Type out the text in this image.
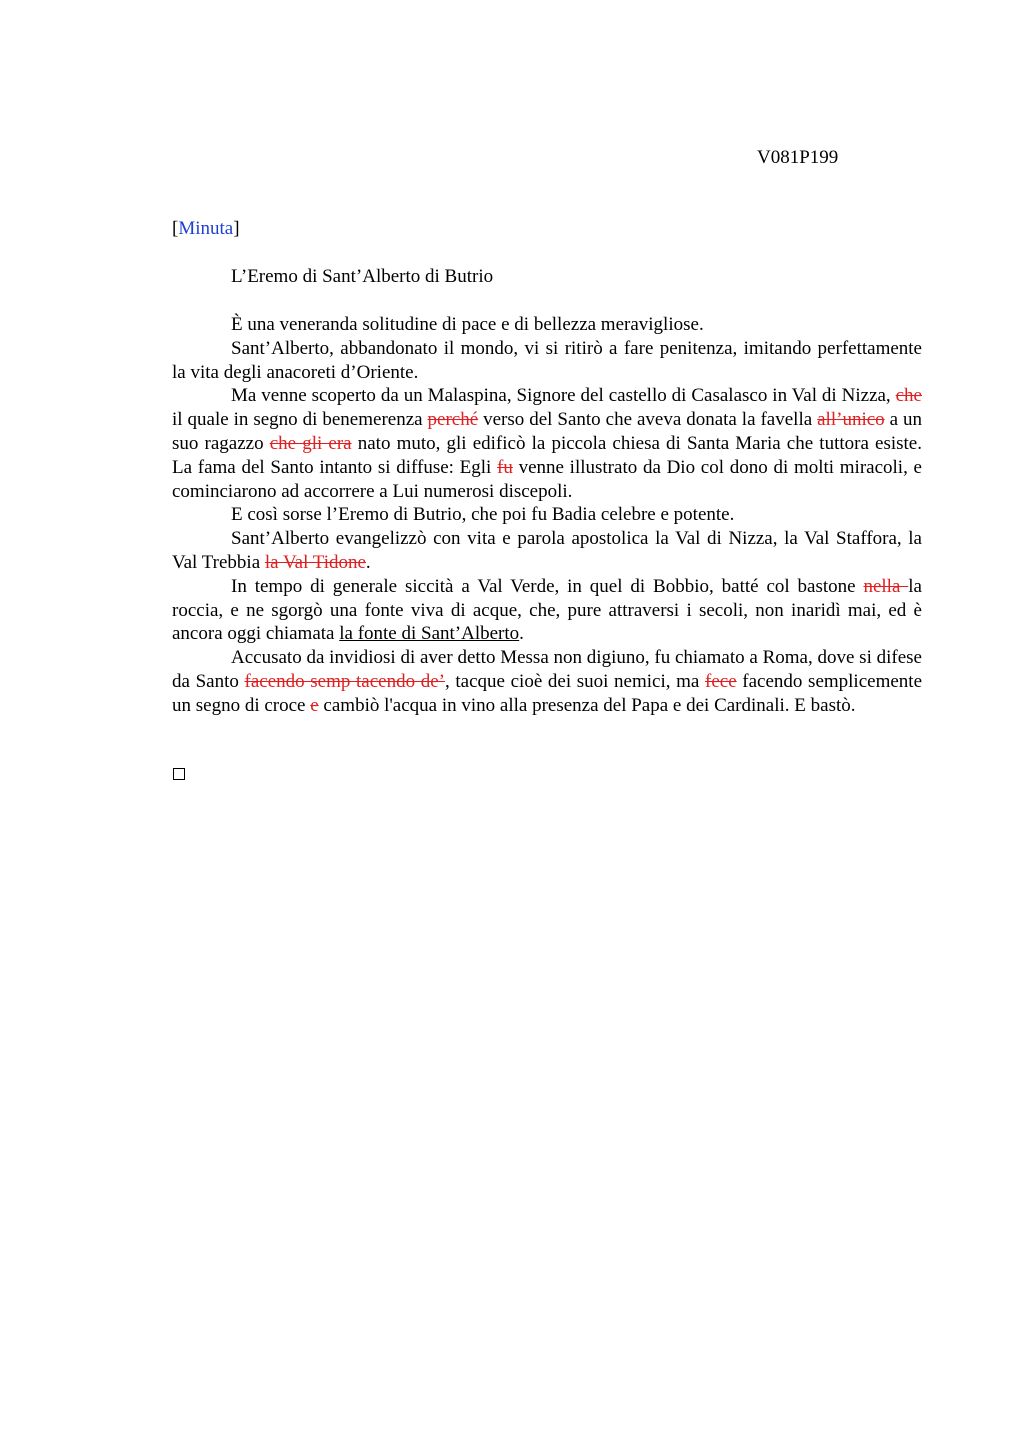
V081P199
[Minuta]
L’Eremo di Sant’Alberto di Butrio

È una veneranda solitudine di pace e di bellezza meravigliose.

Sant’Alberto, abbandonato il mondo, vi si ritirò a fare penitenza, imitando perfettamente la vita degli anacoreti d’Oriente.

Ma venne scoperto da un Malaspina, Signore del castello di Casalasco in Val di Nizza, che il quale in segno di benemerenza perché verso del Santo che aveva donata la favella all’unico a un suo ragazzo che gli era nato muto, gli edificò la piccola chiesa di Santa Maria che tuttora esiste. La fama del Santo intanto si diffuse: Egli fu venne illustrato da Dio col dono di molti miracoli, e cominciarono ad accorrere a Lui numerosi discepoli.

E così sorse l’Eremo di Butrio, che poi fu Badia celebre e potente.

Sant’Alberto evangelizzò con vita e parola apostolica la Val di Nizza, la Val Staffora, la Val Trebbia la Val Tidone.

In tempo di generale siccità a Val Verde, in quel di Bobbio, batté col bastone nella la roccia, e ne sgorgò una fonte viva di acque, che, pure attraversi i secoli, non inaridì mai, ed è ancora oggi chiamata la fonte di Sant’Alberto.

Accusato da invidiosi di aver detto Messa non digiuno, fu chiamato a Roma, dove si difese da Santo facendo semp tacendo de’, tacque cioè dei suoi nemici, ma fece facendo semplicemente un segno di croce e cambiò l'acqua in vino alla presenza del Papa e dei Cardinali. E bastò.
